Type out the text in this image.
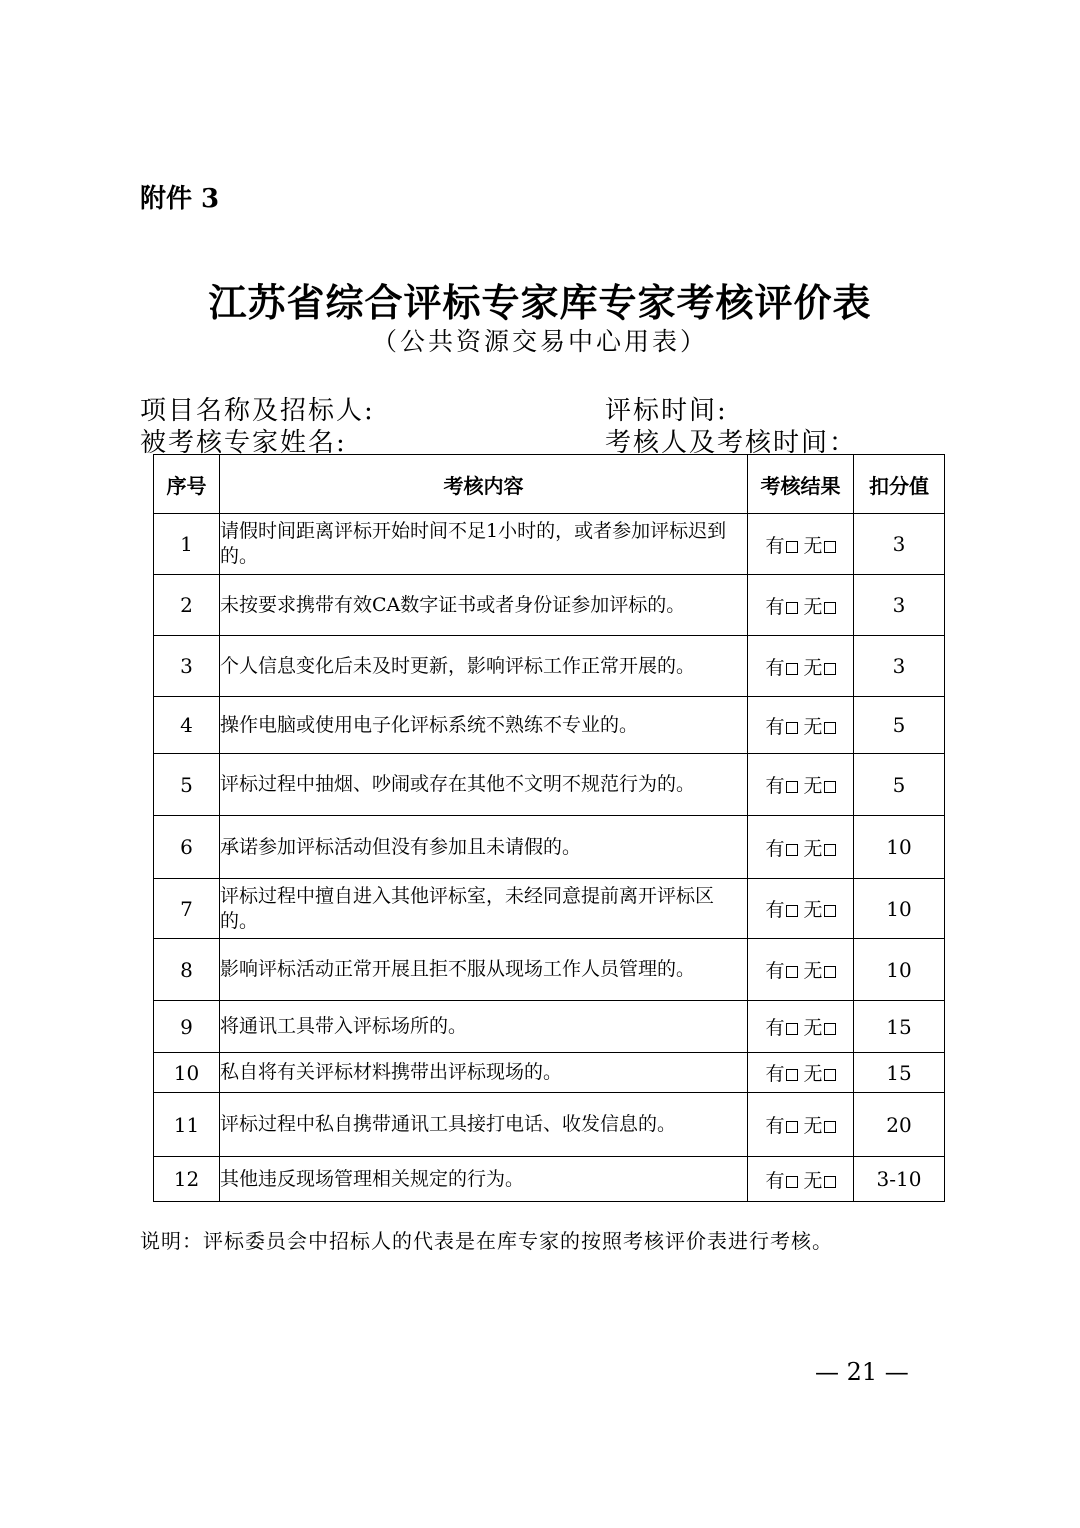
附件 3
江苏省综合评标专家库专家考核评价表
（公共资源交易中心用表）
项目名称及招标人:	评标时间:
被考核专家姓名:	考核人及考核时间：
序号	考核内容	考核结果	扣分值
1	请假时间距离评标开始时间不足1小时的，或者参加评标迟到的。	有 无	3
2	未按要求携带有效CA数字证书或者身份证参加评标的。	有 无	3
3	个人信息变化后未及时更新，影响评标工作正常开展的。	有 无	3
4	操作电脑或使用电子化评标系统不熟练不专业的。	有 无	5
5	评标过程中抽烟、吵闹或存在其他不文明不规范行为的。	有 无	5
6	承诺参加评标活动但没有参加且未请假的。	有 无	10
7	评标过程中擅自进入其他评标室，未经同意提前离开评标区的。	有 无	10
8	影响评标活动正常开展且拒不服从现场工作人员管理的。	有 无	10
9	将通讯工具带入评标场所的。	有 无	15
10	私自将有关评标材料携带出评标现场的。	有 无	15
11	评标过程中私自携带通讯工具接打电话、收发信息的。	有 无	20
12	其他违反现场管理相关规定的行为。	有 无	3-10
说明：评标委员会中招标人的代表是在库专家的按照考核评价表进行考核。
— 21 —
